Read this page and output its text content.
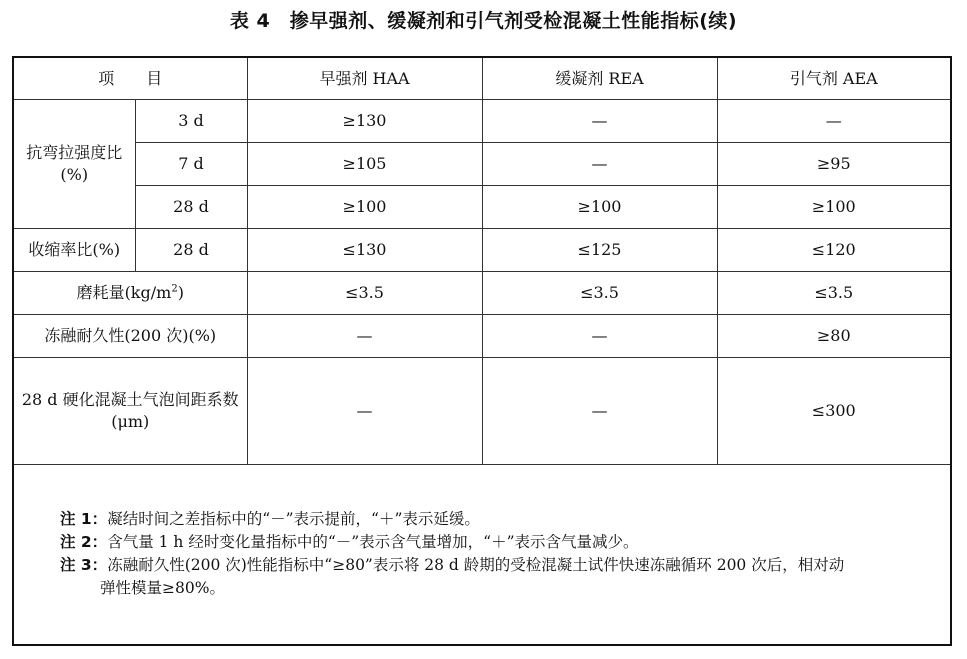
表 4　掺早强剂、缓凝剂和引气剂受检混凝土性能指标(续)
项　　目		早强剂 HAA	缓凝剂 REA	引气剂 AEA
抗弯拉强度比
(%)	3 d	≥130	—	—
	7 d	≥105	—	≥95
	28 d	≥100	≥100	≥100
收缩率比(%)	28 d	≤130	≤125	≤120
磨耗量$(kg/m^2)$		≤3.5	≤3.5	≤3.5
冻融耐久性(200 次)(%)		—	—	≥80
28 d 硬化混凝土气泡间距系数
(μm)		—	—	≤300
注 1：凝结时间之差指标中的“－”表示提前，“＋”表示延缓。
注 2：含气量 1 h 经时变化量指标中的“－”表示含气量增加，“＋”表示含气量减少。
注 3：冻融耐久性(200 次)性能指标中“≥80”表示将 28 d 龄期的受检混凝土试件快速冻融循环 200 次后，相对动
弹性模量≥80%。
